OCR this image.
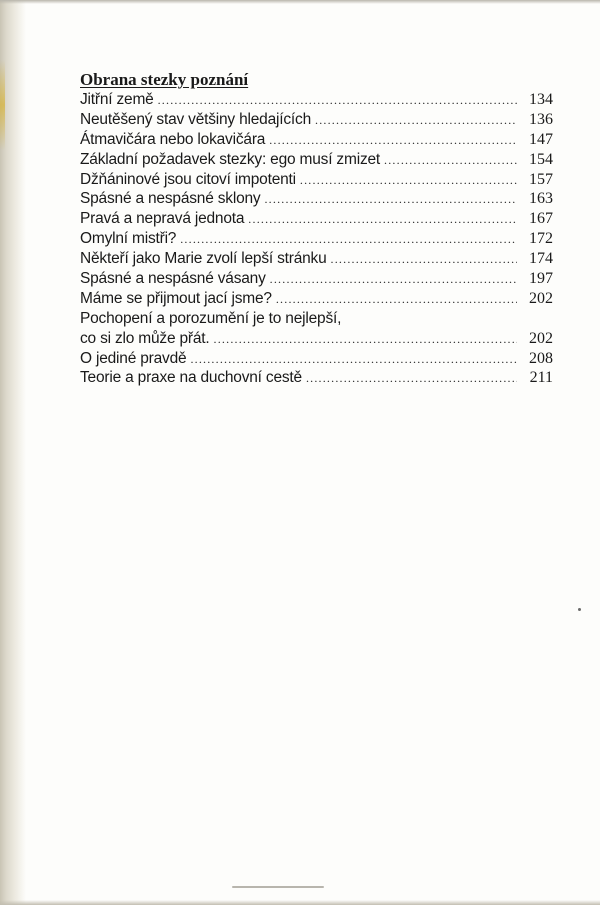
Obrana stezky poznání
Jitřní země .....	134
Neutěšený stav většiny hledajících .....	136
Átmavičára nebo lokavičára .....	147
Základní požadavek stezky: ego musí zmizet .....	154
Džňáninové jsou citoví impotenti .....	157
Spásné a nespásné sklony .....	163
Pravá a nepravá jednota .....	167
Omylní mistři? .....	172
Někteří jako Marie zvolí lepší stránku .....	174
Spásné a nespásné vásany .....	197
Máme se přijmout jací jsme? .....	202
Pochopení a porozumění je to nejlepší,
co si zlo může přát. .....	202
O jediné pravdě .....	208
Teorie a praxe na duchovní cestě .....	211
